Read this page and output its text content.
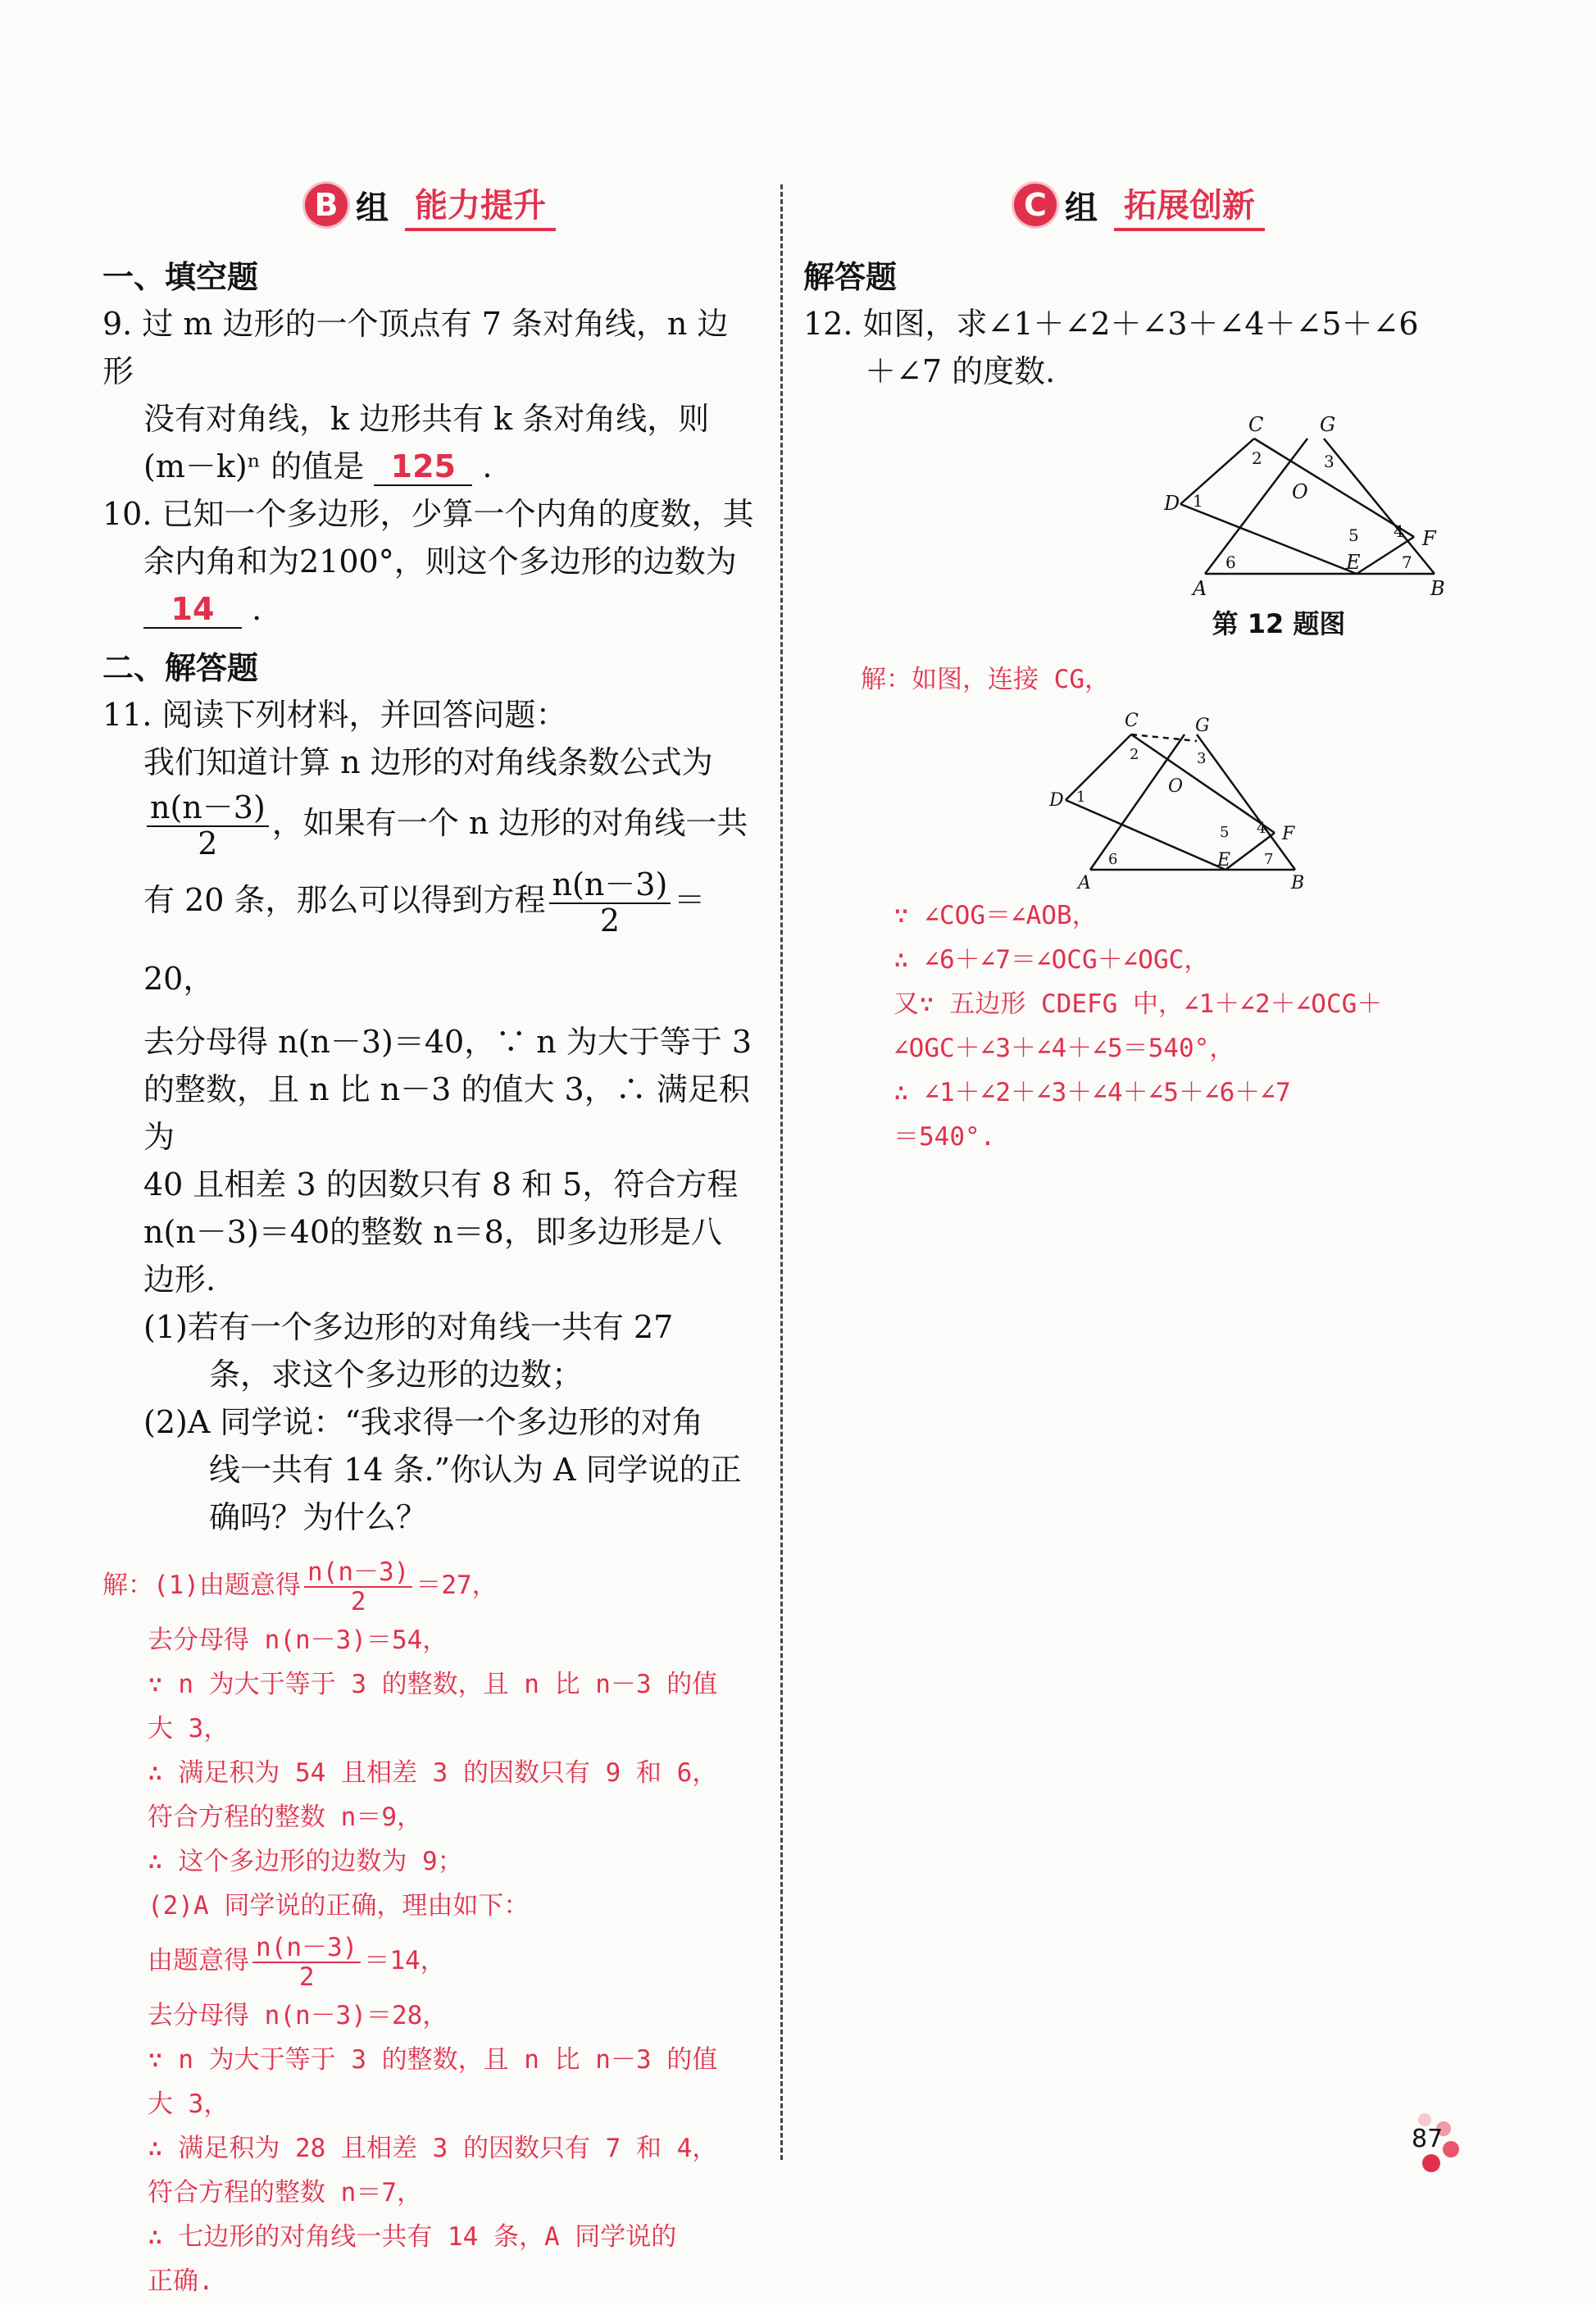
B 组 能力提升
一、填空题
9. 过 m 边形的一个顶点有 7 条对角线，n 边形
没有对角线，k 边形共有 k 条对角线，则
(m－k)ⁿ 的值是 125 .
10. 已知一个多边形，少算一个内角的度数，其
余内角和为2100°，则这个多边形的边数为
14 .
二、解答题
11. 阅读下列材料，并回答问题：
我们知道计算 n 边形的对角线条数公式为
$\frac{n(n-3)}{2}$ ，如果有一个 n 边形的对角线一共
有 20 条，那么可以得到方程 $\frac{n(n-3)}{2} =20$，
去分母得 n(n－3)＝40，∵ n 为大于等于 3
的整数，且 n 比 n－3 的值大 3，∴ 满足积为
40 且相差 3 的因数只有 8 和 5，符合方程
n(n－3)＝40的整数 n＝8，即多边形是八
边形.
(1)若有一个多边形的对角线一共有 27
条，求这个多边形的边数；
(2)A 同学说：“我求得一个多边形的对角
线一共有 14 条.”你认为 A 同学说的正
确吗？为什么？
解：(1)由题意得 $\frac{n(n-3)}{2} =27$，
去分母得 n(n－3)＝54，
∵ n 为大于等于 3 的整数，且 n 比 n－3 的值
大 3，
∴ 满足积为 54 且相差 3 的因数只有 9 和 6，
符合方程的整数 n＝9，
∴ 这个多边形的边数为 9；
(2)A 同学说的正确，理由如下：
由题意得 $\frac{n(n-3)}{2} =14$，
去分母得 n(n－3)＝28，
∵ n 为大于等于 3 的整数，且 n 比 n－3 的值
大 3，
∴ 满足积为 28 且相差 3 的因数只有 7 和 4，
符合方程的整数 n＝7，
∴ 七边形的对角线一共有 14 条，A 同学说的
正确.
C 组 拓展创新
解答题
12. 如图，求∠1＋∠2＋∠3＋∠4＋∠5＋∠6
＋∠7 的度数.
C	G
D
F
O
E
A	B
1
2	3
4
5
6	7
第 12 题图
解：如图，连接 CG，
C	G
D
F
O
E
A	B
1
2	3
4
5
6	7
∵ ∠COG＝∠AOB，
∴ ∠6＋∠7＝∠OCG＋∠OGC，
又∵ 五边形 CDEFG 中，∠1＋∠2＋∠OCG＋
∠OGC＋∠3＋∠4＋∠5＝540°，
∴ ∠1＋∠2＋∠3＋∠4＋∠5＋∠6＋∠7
＝540°.
87
